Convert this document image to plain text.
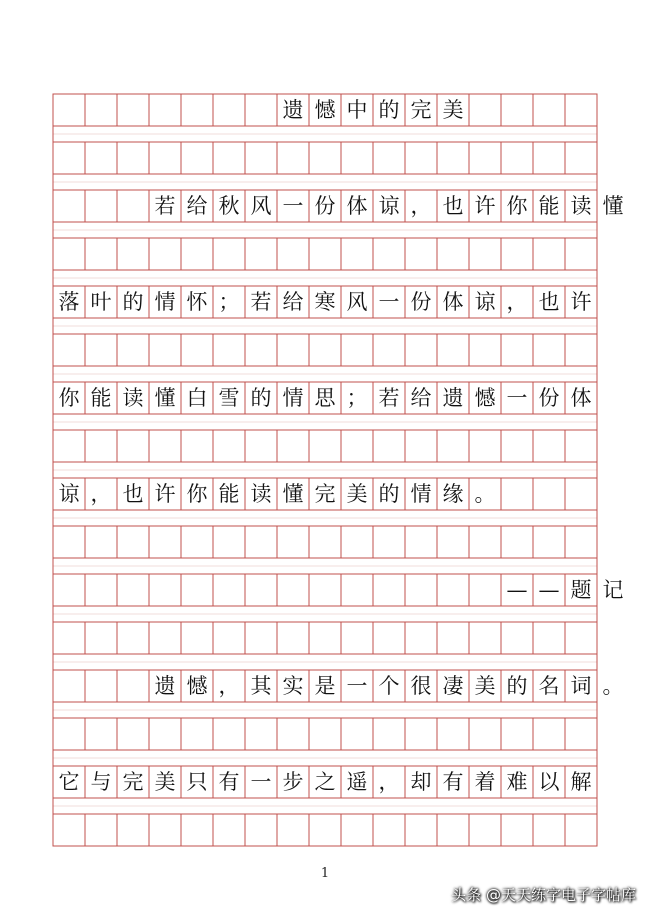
遗 憾 中 的 完 美
若 给 秋 风 一 份 体 谅 ， 也 许 你 能 读 懂
落 叶 的 情 怀 ； 若 给 寒 风 一 份 体 谅 ， 也 许
你 能 读 懂 白 雪 的 情 思 ； 若 给 遗 憾 一 份 体
谅 ， 也 许 你 能 读 懂 完 美 的 情 缘 。
— — 题 记
遗 憾 ， 其 实 是 一 个 很 凄 美 的 名 词 。
它 与 完 美 只 有 一 步 之 遥 ， 却 有 着 难 以 解
1
头条 @天天练字电子字帖库
